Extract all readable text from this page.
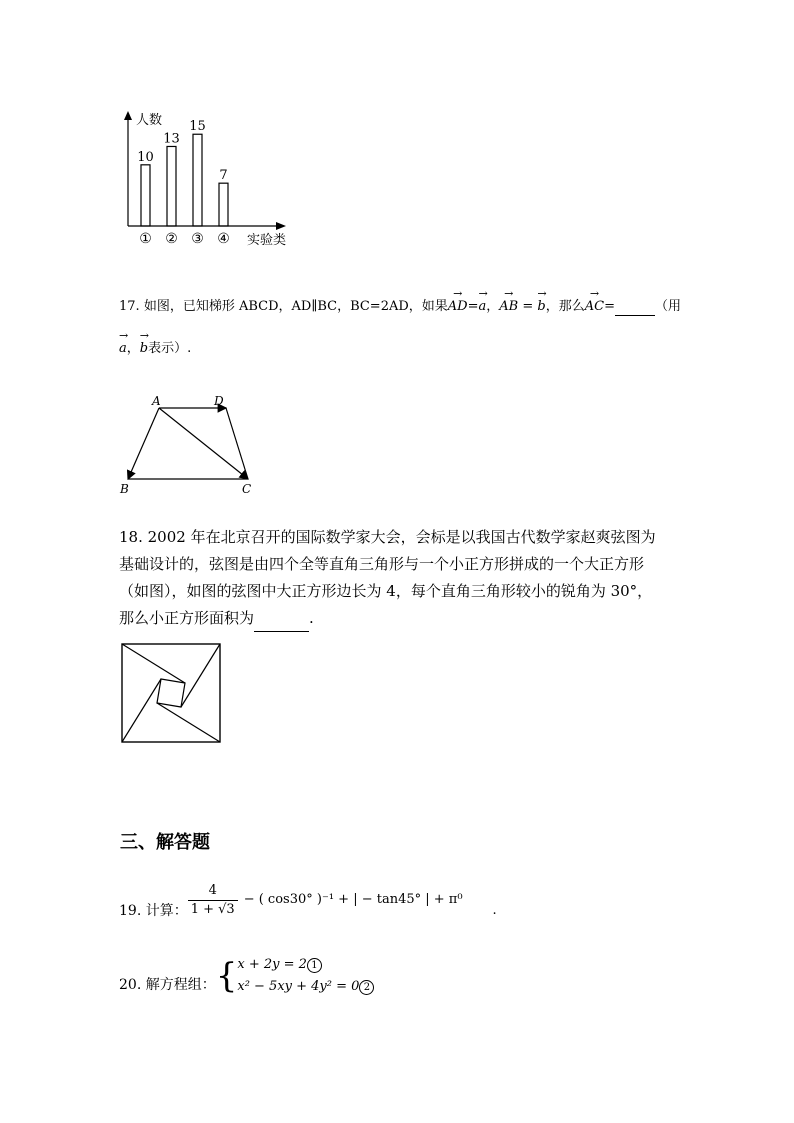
10
13
15
7
人数
实验类
① ② ③ ④
17. 如图，已知梯形 ABCD，AD∥BC，BC=2AD，如果→ AD=→ a，→ AB = → b，那么→ AC=	（用
→ a，→ b表示）.
A	D
B	C
18. 2002 年在北京召开的国际数学家大会，会标是以我国古代数学家赵爽弦图为
基础设计的，弦图是由四个全等直角三角形与一个小正方形拼成的一个大正方形
（如图），如图的弦图中大正方形边长为 4，每个直角三角形较小的锐角为 30°，
那么小正方形面积为	.
三、解答题
19. 计算： $\frac{4}{1 + √3}$ − ( cos30° )⁻¹ + | − tan45° | + π⁰
.
20. 解方程组： { x + 2y = 2 1
x² − 5xy + 4y² = 0 2
